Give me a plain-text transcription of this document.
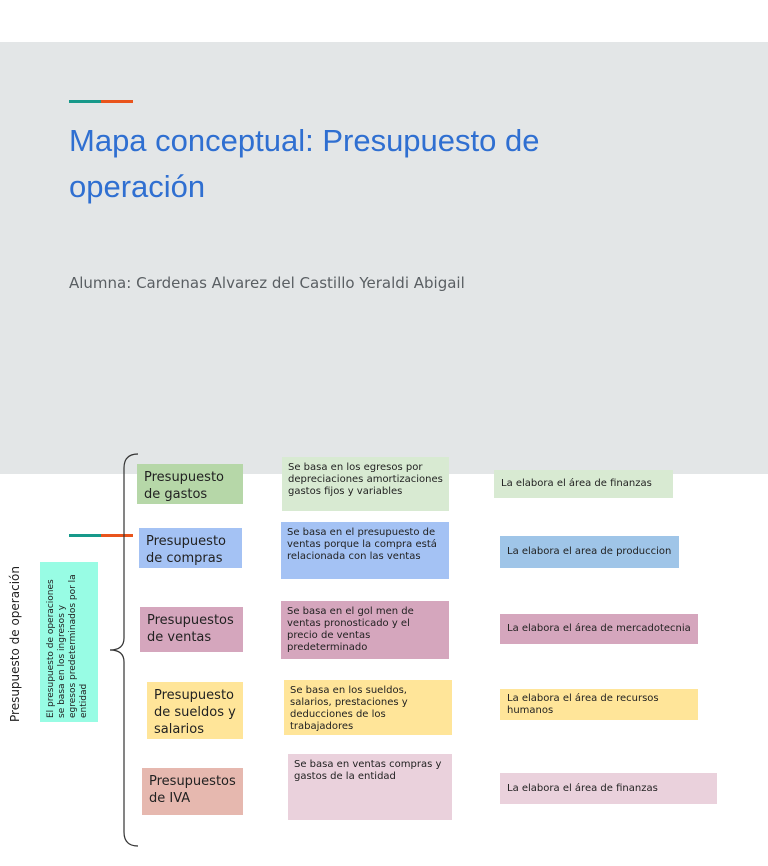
Mapa conceptual: Presupuesto de operación
Alumna: Cardenas Alvarez del Castillo Yeraldi Abigail
Presupuesto de operación	El presupuesto de operaciones se basa en los ingresos y egresos predeterminados por la entidad
Presupuesto de gastos
Se basa en los egresos por depreciaciones amortizaciones gastos fijos y variables
La elabora el área de finanzas
Presupuesto de compras
Se basa en el presupuesto de ventas porque la compra está relacionada con las ventas	La elabora el area de produccion
Presupuestos de ventas
Se basa en el gol men de ventas pronosticado y el precio de ventas predeterminado
La elabora el área de mercadotecnia
Presupuesto de sueldos y salarios
Se basa en los sueldos, salarios, prestaciones y deducciones de los trabajadores
La elabora el área de recursos humanos
Presupuestos de IVA
Se basa en ventas compras y gastos de la entidad
La elabora el área de finanzas
